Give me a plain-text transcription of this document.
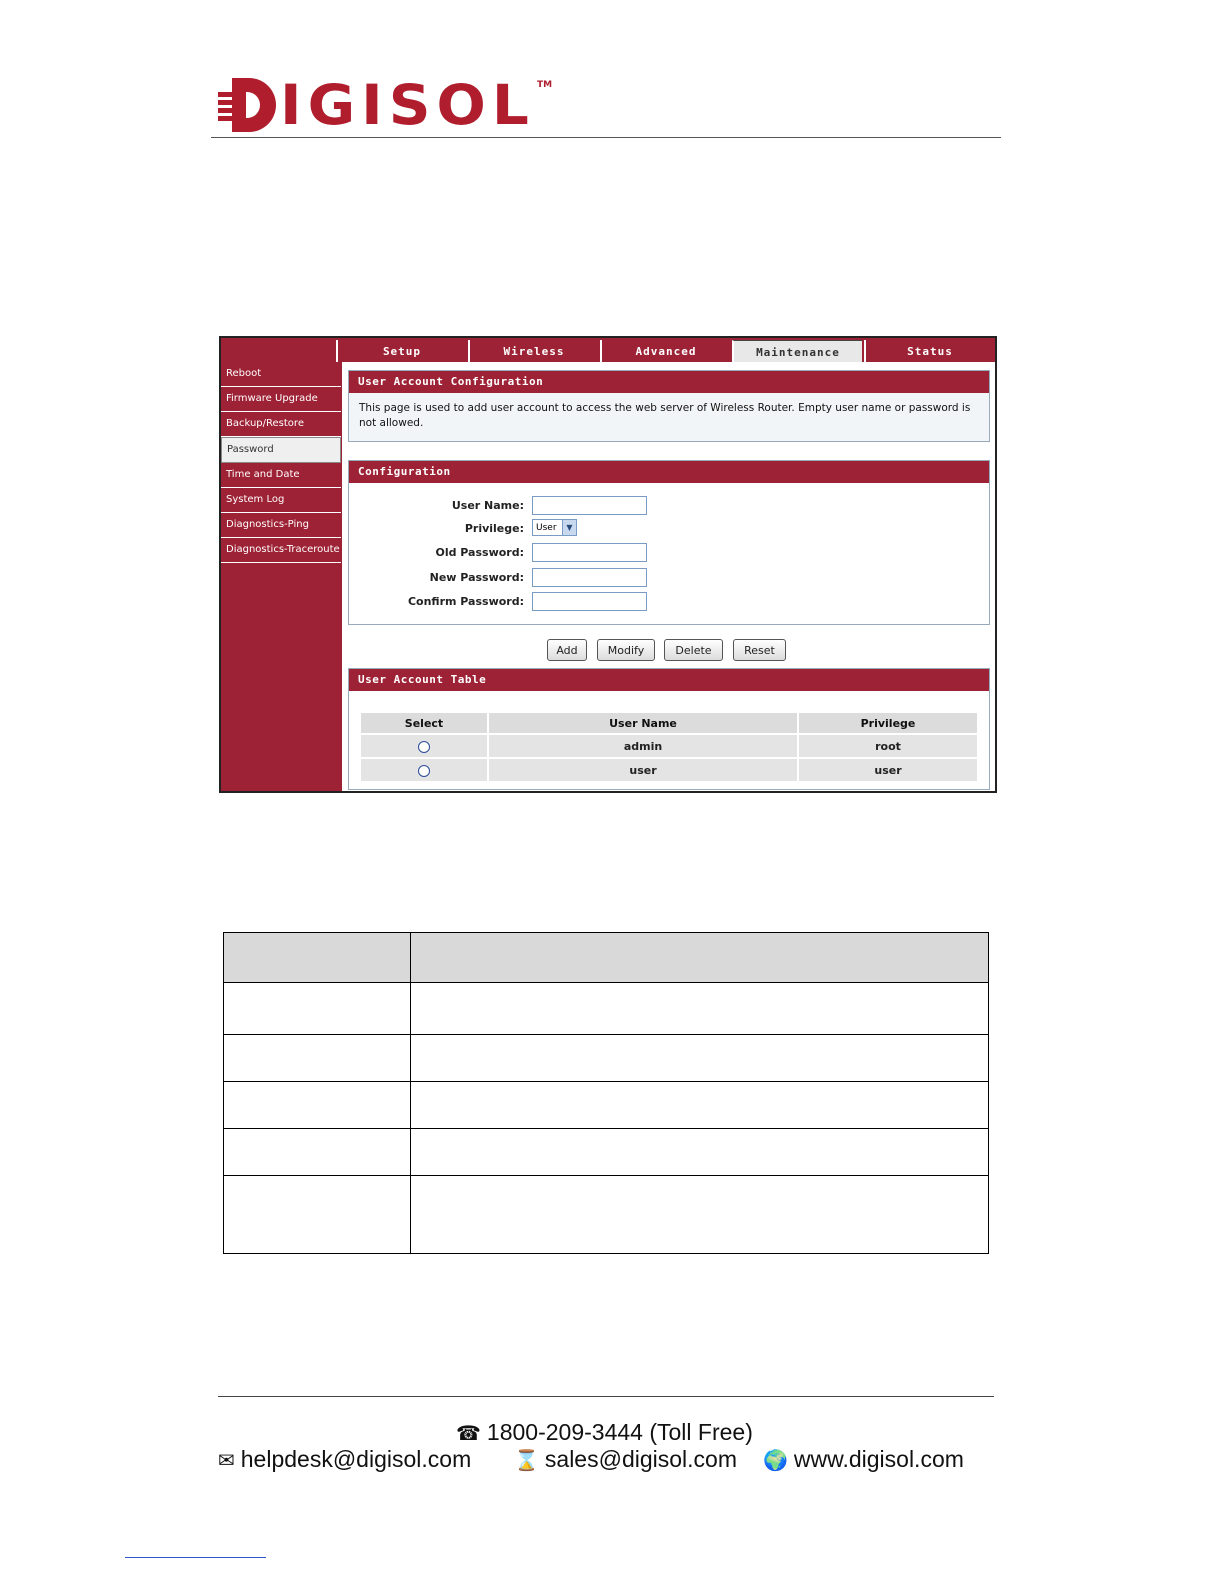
IGISOL TM
Setup	Wireless	Advanced	Maintenance	Status
Reboot
Firmware Upgrade
Backup/Restore
Password
Time and Date
System Log
Diagnostics-Ping
Diagnostics-Traceroute
User Account Configuration
This page is used to add user account to access the web server of Wireless Router. Empty user name or password is not allowed.
Configuration
User Name:
Privilege:	User	▼
Old Password:
New Password:
Confirm Password:
Add	Modify	Delete	Reset
User Account Table
Select	User Name	Privilege
	admin	root
	user	user

☎ 1800-209-3444 (Toll Free)
✉ helpdesk@digisol.com ⌛ sales@digisol.com 🌍 www.digisol.com
